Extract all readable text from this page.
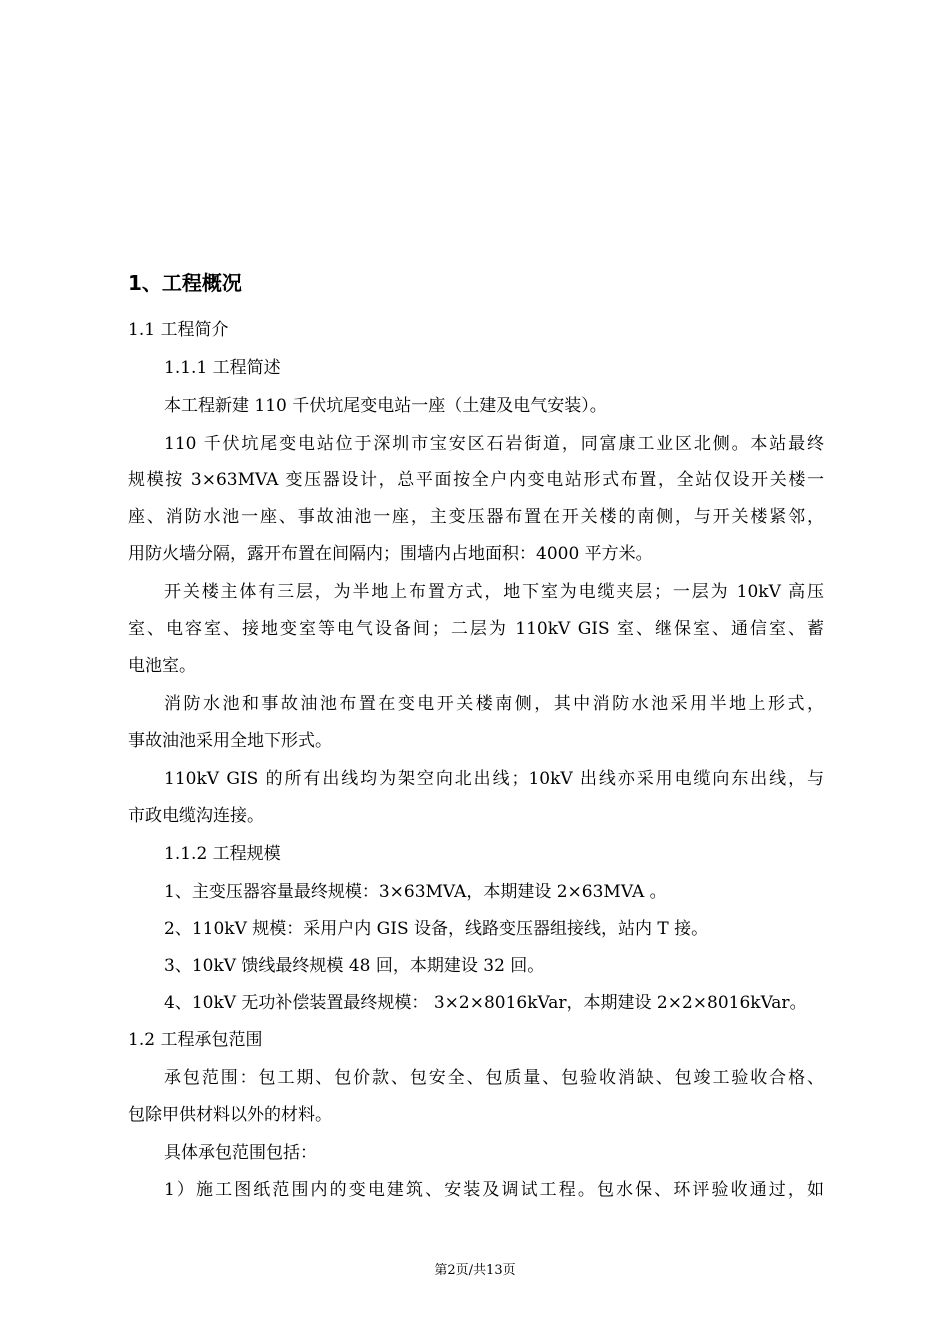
1、工程概况
1.1 工程简介
1.1.1 工程简述
本工程新建 110 千伏坑尾变电站一座（土建及电气安装）。
110 千伏坑尾变电站位于深圳市宝安区石岩街道，同富康工业区北侧。本站最终
规模按 3×63MVA 变压器设计，总平面按全户内变电站形式布置，全站仅设开关楼一
座、消防水池一座、事故油池一座，主变压器布置在开关楼的南侧，与开关楼紧邻，
用防火墙分隔，露开布置在间隔内；围墙内占地面积：4000 平方米。
开关楼主体有三层，为半地上布置方式，地下室为电缆夹层；一层为 10kV 高压
室、电容室、接地变室等电气设备间；二层为 110kV GIS 室、继保室、通信室、蓄
电池室。
消防水池和事故油池布置在变电开关楼南侧，其中消防水池采用半地上形式，
事故油池采用全地下形式。
110kV GIS 的所有出线均为架空向北出线；10kV 出线亦采用电缆向东出线，与
市政电缆沟连接。
1.1.2 工程规模
1、主变压器容量最终规模：3×63MVA，本期建设 2×63MVA 。
2、110kV 规模：采用户内 GIS 设备，线路变压器组接线，站内 T 接。
3、10kV 馈线最终规模 48 回，本期建设 32 回。
4、10kV 无功补偿装置最终规模： 3×2×8016kVar，本期建设 2×2×8016kVar。
1.2 工程承包范围
承包范围：包工期、包价款、包安全、包质量、包验收消缺、包竣工验收合格、
包除甲供材料以外的材料。
具体承包范围包括：
1）施工图纸范围内的变电建筑、安装及调试工程。包水保、环评验收通过，如
第2页/共13页
